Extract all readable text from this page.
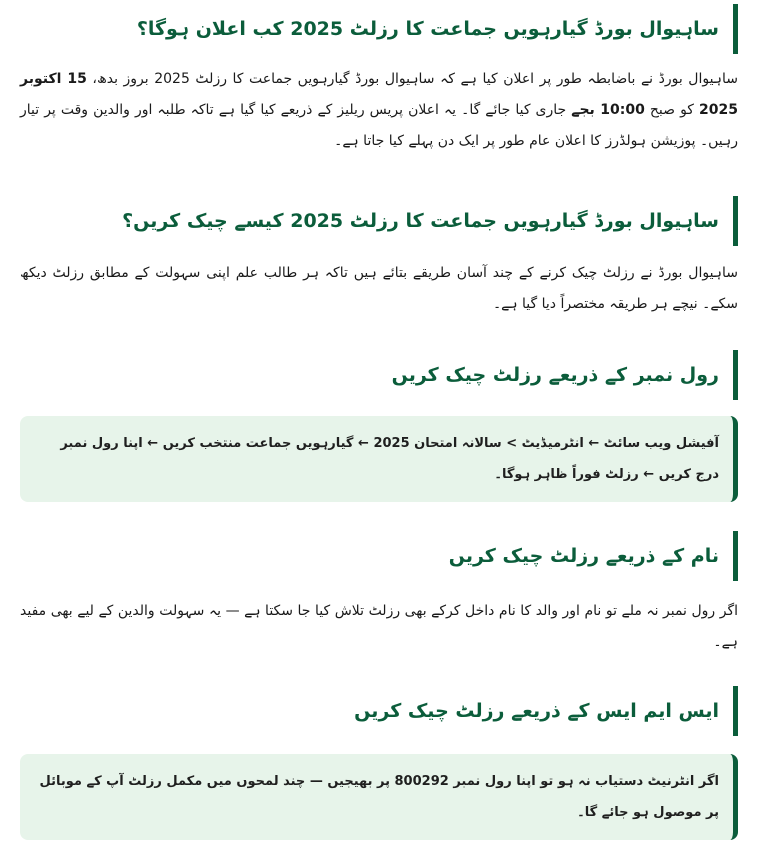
ساہیوال بورڈ گیارہویں جماعت کا رزلٹ 2025 کب اعلان ہوگا؟

ساہیوال بورڈ نے باضابطہ طور پر اعلان کیا ہے کہ ساہیوال بورڈ گیارہویں جماعت کا رزلٹ 2025 بروز بدھ، 15 اکتوبر 2025 کو صبح 10:00 بجے جاری کیا جائے گا۔ یہ اعلان پریس ریلیز کے ذریعے کیا گیا ہے تاکہ طلبہ اور والدین وقت پر تیار رہیں۔ پوزیشن ہولڈرز کا اعلان عام طور پر ایک دن پہلے کیا جاتا ہے۔

ساہیوال بورڈ گیارہویں جماعت کا رزلٹ 2025 کیسے چیک کریں؟

ساہیوال بورڈ نے رزلٹ چیک کرنے کے چند آسان طریقے بتائے ہیں تاکہ ہر طالب علم اپنی سہولت کے مطابق رزلٹ دیکھ سکے۔ نیچے ہر طریقہ مختصراً دیا گیا ہے۔

رول نمبر کے ذریعے رزلٹ چیک کریں
آفیشل ویب سائٹ ← انٹرمیڈیٹ > سالانہ امتحان 2025 ← گیارہویں جماعت منتخب کریں ← اپنا رول نمبر درج کریں ← رزلٹ فوراً ظاہر ہوگا۔
نام کے ذریعے رزلٹ چیک کریں

اگر رول نمبر نہ ملے تو نام اور والد کا نام داخل کرکے بھی رزلٹ تلاش کیا جا سکتا ہے — یہ سہولت والدین کے لیے بھی مفید ہے۔

ایس ایم ایس کے ذریعے رزلٹ چیک کریں
اگر انٹرنیٹ دستیاب نہ ہو تو اپنا رول نمبر 800292 پر بھیجیں — چند لمحوں میں مکمل رزلٹ آپ کے موبائل پر موصول ہو جائے گا۔
